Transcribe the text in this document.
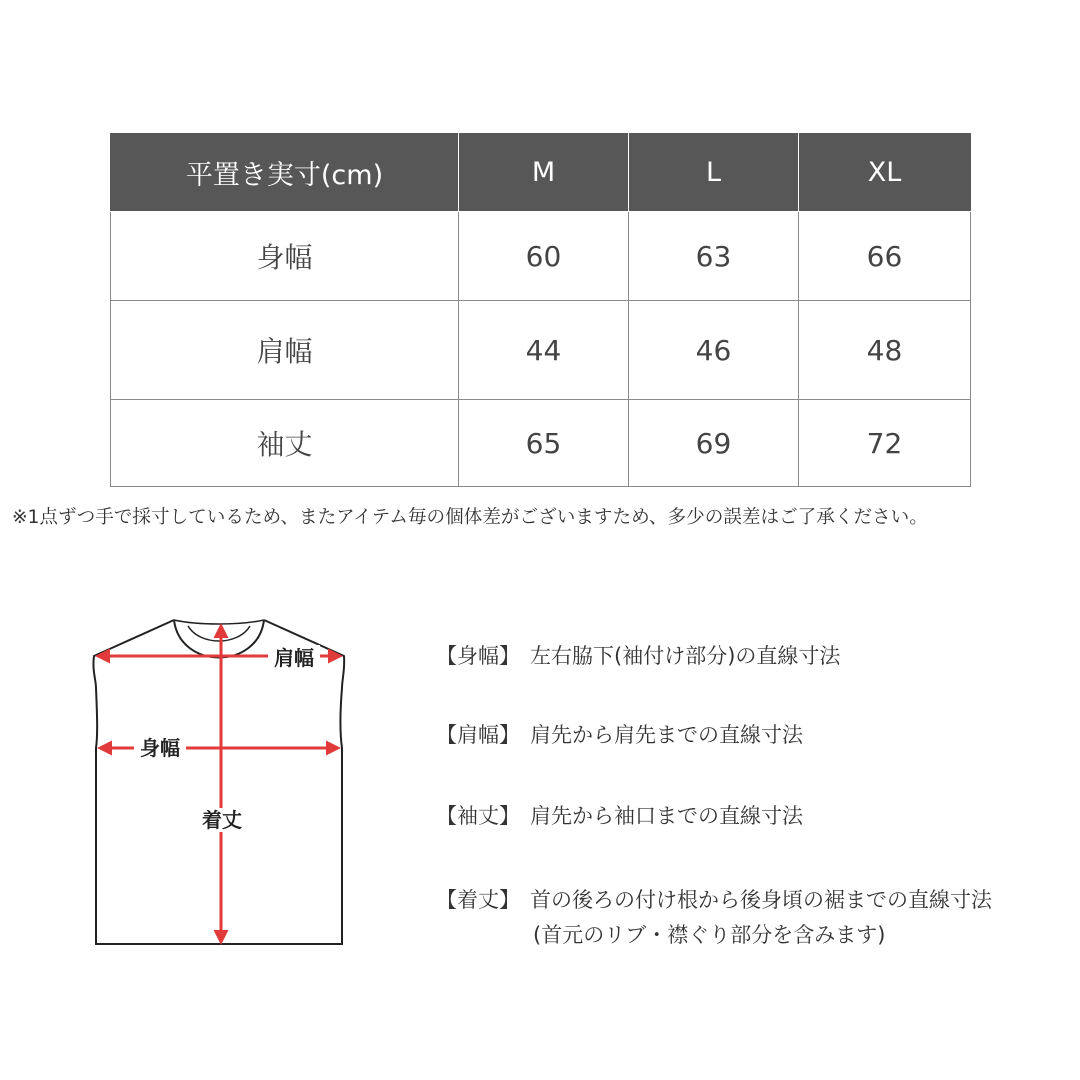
平置き実寸(cm)	M	L	XL
身幅	60	63	66
肩幅	44	46	48
袖丈	65	69	72
※1点ずつ手で採寸しているため、またアイテム毎の個体差がございますため、多少の誤差はご了承ください。
肩幅
身幅
着丈
【身幅】 左右脇下(袖付け部分)の直線寸法
【肩幅】 肩先から肩先までの直線寸法
【袖丈】 肩先から袖口までの直線寸法
【着丈】 首の後ろの付け根から後身頃の裾までの直線寸法
(首元のリブ・襟ぐり部分を含みます)
